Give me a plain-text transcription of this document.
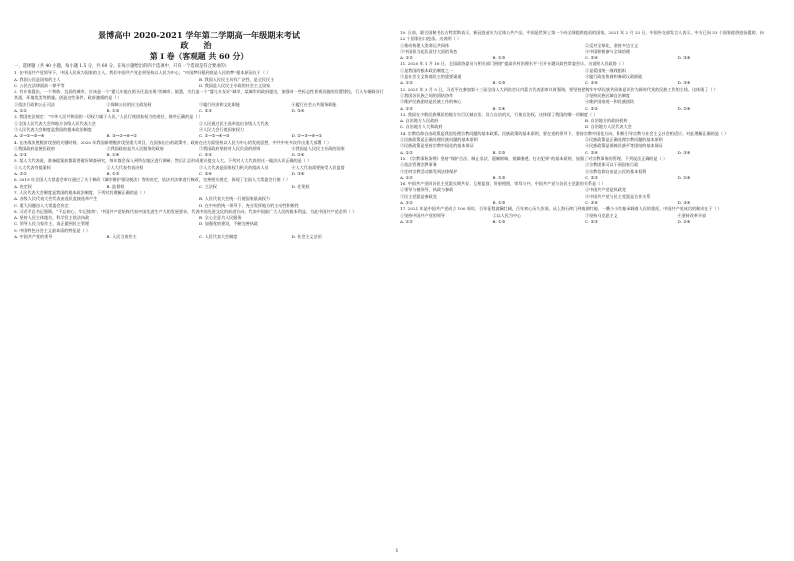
景博高中 2020-2021 学年第二学期高一年级期末考试
政 治
第 I 卷（客观题 共 60 分）
一、选择题（共 40 小题，每小题 1.5 分，共 60 分。在每小题给出的四个选项中，只有一个选项是符合要求的）

1. 在中国共产党领导下，中国人民成为国家的主人。我们中国共产党必须坚持以人民为中心，“中国梦归根到底是人民的梦”根本原因在于（ ）

A. 我国公民是国家的主人	B. 我国人民民主具有广泛性，是全民民主
C. 公民在法律面前一律平等	D. 我国是人民民主专政的社会主义国家

2. 有专家提出，一个和谐、宜居的城市，应该是一个“婴儿车能在街头任意出现”的城市。据悉，为打造一个“婴儿车友好”城市，某城市的政府提出，加强对一些标志性景观设施的设置建设，行人车辆路各行其道，环境优美等措施。创造这些条件，政府遵循的是（ ）

①依法行政和公正司法	②保障公民的民主政治权	③履行经济和文化职能	④履行社会公共服务职能
A. ①②	B. ①③	C. ②③	D. ③④

3. 我国宪法规定：“中华人民共和国的一切权力属于人民。”人民行使国家权力的途径，排序正确的是（ ）

①全国人民代表大会和地方各级人民代表大会	②人民通过民主选举选出各级人大代表
③人民代表大会制度是我国的根本政治制度	④人民大会行使国家权力
A. ②→①→③→④	B. ③→②→④→①	C. ①→②→④→③	D. ②→③→④→①

4. 在决战决胜脱贫攻坚的关键时刻，2020 年我国新增脱贫攻坚重大项目，在国家出台的政策中，政府在这方面坚持以人民为中心的发展思想，中共中央多次作出重大部署（ ）

①我国政府是便民政府	②我国政府是为人民服务的政府	③我国政府坚持对人民负责的原则	④我国是人民民主专政的国家
A. ①③	B. ①④	C. ②③	D. ②④

5. 某人大代表说，准备提案前都需要做好调查研究，每年都会深入到所在地区进行调研，然后汇总形成建议提交人大。下列对人大代表的这一做法认识正确的是（ ）

①人大代表有提案权	②人大代表有表决权	③人大代表是国家权力机关的组成人员	④人大代表需要接受人民监督
A. ①②	B. ①③	C. ②④	D. ③④

6. 2019 年全国人大常委会审议通过了关于修改《城市维护建设税法》等的决定，依法对法律进行修改，完善相关规定，体现了全国人大常委会行使（ ）

A. 决定权	B. 监督权	C. 立法权	D. 任免权

7. 人民代表大会制度是我国的根本政治制度，下列对其理解正确的是（ ）

A. 各级人民代表大会代表由选民直接选举产生	B. 人民代表大会统一行使国家最高权力
C. 重大问题由人大常委会决定	D. 在中央的统一领导下，充分发挥地方的主动性积极性

8. 习近平总书记强调，“不忘初心，牢记使命”，中国共产党始终代表中国先进生产力的发展要求，代表中国先进文化的前进方向，代表中国最广大人民的根本利益。为此中国共产党必须（ ）

A. 坚持人民主体地位，科学民主依法执政	B. 全心全意为人民服务
C. 领导人民当家作主，真正做到民主管理	D. 加强党的建设，不断完善执政

9. 中国特色社会主义最本质的特征是（ ）

A. 中国共产党的领导	B. 人民当家作主	C. 人民代表大会制度	D. 社会主义法治

10. 日前，联合国秘书长古特雷斯表示，新冠疫苗应为全球公共产品，中国是世界上第一个向全球提供疫苗的国家。2021 年 2 月 23 日，中国外交部发言人表示，中方已向 53 个国家提供疫苗援助，向 22 个国家出口疫苗。这表明（ ）

①推动构建人类命运共同体	②反对全球化，坚持多边主义
③中国担当起负责任大国的角色	④中国积极参与全球治理
A. ①②	B. ①③	C. ②④	D. ③④

11. 2020 年 1 月 16 日，全国政协委员与相关部门围绕“提高乡村治理水平”召开专题议政性常委会议。这说明人民政协（ ）

①是我国的根本政治制度之一	②是爱国统一战线组织
③是社会主义协商民主的重要渠道	④履行政治协商和参政议政职能
A. ①②	B. ①③	C. ②④	D. ③④

12. 2021 年 3 月 5 日，习近平在参加第十三届全国人大四次会议内蒙古代表团审议时强调，要坚持把铸牢中华民族共同体意识作为新时代党的民族工作的主线。这体现了（ ）

①我国各民族之间的团结协作	②坚持民族区域自治制度
③维护民族团结是民族工作的核心	④维护国家统一和民族团结
A. ①③	B. ①④	C. ②③	D. ②④

13. 我国在少数民族聚居的地方实行区域自治，设立自治机关，行使自治权。这体现了我国的哪一项制度（ ）

A. 自治地方人民政府	B. 自治地方的政府机构
C. 自治地方人大和政府	D. 自治地方人民代表大会

14. 宗教信仰自由政策是我国处理宗教问题的基本政策。民族政策的基本原则，要在党的领导下，坚持宗教中国化方向，积极引导宗教与社会主义社会相适应。对此理解正确的是（ ）

①民族政策是正确处理民族问题的基本原则	②民族政策是正确处理宗教问题的基本原则
③民族政策是坚持宗教中国化的基本保证	④民族政策是保障民族平等团结的基本保证
A. ①②	B. ①③	C. ②④	D. ③④

15. 《宗教事务条例》坚持“保护合法、制止非法、遏制极端、抵御渗透、打击犯罪”的基本原则，加强了对宗教事务的管理。下列说法正确的是（ ）

①依法管理宗教事务	②宗教团体可以干预国家行政
③任何宗教活动都受到法律保护	④宗教信仰自由是公民的基本权利
A. ①②	B. ①③	C. ②③	D. ①④

16. 中国共产党同各民主党派长期共存，互相监督，肝胆相照，荣辱与共。中国共产党与各民主党派的关系是（ ）

①领导与被领导，执政与参政	②中国共产党是执政党
③民主党派是参政党	④中国共产党与民主党派是合作关系
A. ①②	B. ①③	C. ②④	D. ③④

17. 2021 年是中国共产党成立 100 周年，百年征程波澜壮阔，百年初心历久弥坚。从上海石库门到南湖红船，一艘小小红船承载着人民的重托。中国共产党成功的秘诀在于（ ）

①坚持中国共产党的领导	②以人民为中心	③坚持马克思主义	④坚持改革开放
A. ①②	B. ①③	C. ②③	D. ②④
1
